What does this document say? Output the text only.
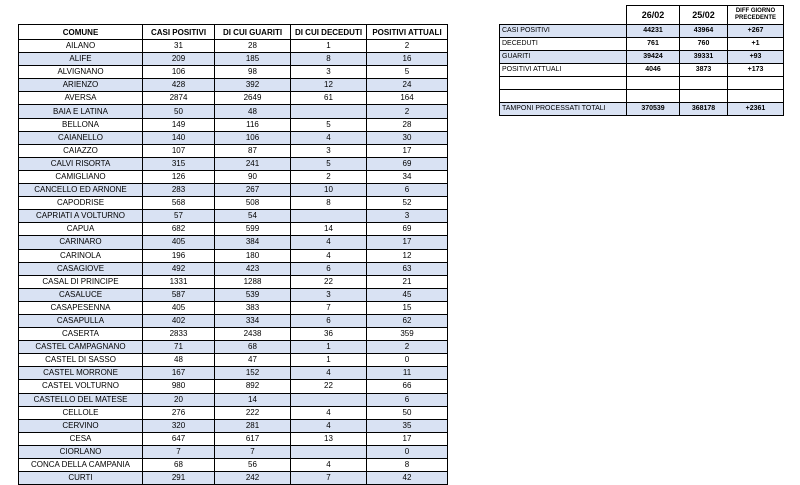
COMUNE	CASI POSITIVI	DI CUI GUARITI	DI CUI DECEDUTI	POSITIVI ATTUALI
AILANO	31	28	1	2
ALIFE	209	185	8	16
ALVIGNANO	106	98	3	5
ARIENZO	428	392	12	24
AVERSA	2874	2649	61	164
BAIA E LATINA	50	48		2
BELLONA	149	116	5	28
CAIANELLO	140	106	4	30
CAIAZZO	107	87	3	17
CALVI RISORTA	315	241	5	69
CAMIGLIANO	126	90	2	34
CANCELLO ED ARNONE	283	267	10	6
CAPODRISE	568	508	8	52
CAPRIATI A VOLTURNO	57	54		3
CAPUA	682	599	14	69
CARINARO	405	384	4	17
CARINOLA	196	180	4	12
CASAGIOVE	492	423	6	63
CASAL DI PRINCIPE	1331	1288	22	21
CASALUCE	587	539	3	45
CASAPESENNA	405	383	7	15
CASAPULLA	402	334	6	62
CASERTA	2833	2438	36	359
CASTEL CAMPAGNANO	71	68	1	2
CASTEL DI SASSO	48	47	1	0
CASTEL MORRONE	167	152	4	11
CASTEL VOLTURNO	980	892	22	66
CASTELLO DEL MATESE	20	14		6
CELLOLE	276	222	4	50
CERVINO	320	281	4	35
CESA	647	617	13	17
CIORLANO	7	7		0
CONCA DELLA CAMPANIA	68	56	4	8
CURTI	291	242	7	42
	26/02	25/02	DIFF GIORNO PRECEDENTE
CASI POSITIVI	44231	43964	+267
DECEDUTI	761	760	+1
GUARITI	39424	39331	+93
POSITIVI ATTUALI	4046	3873	+173

TAMPONI PROCESSATI TOTALI	370539	368178	+2361
